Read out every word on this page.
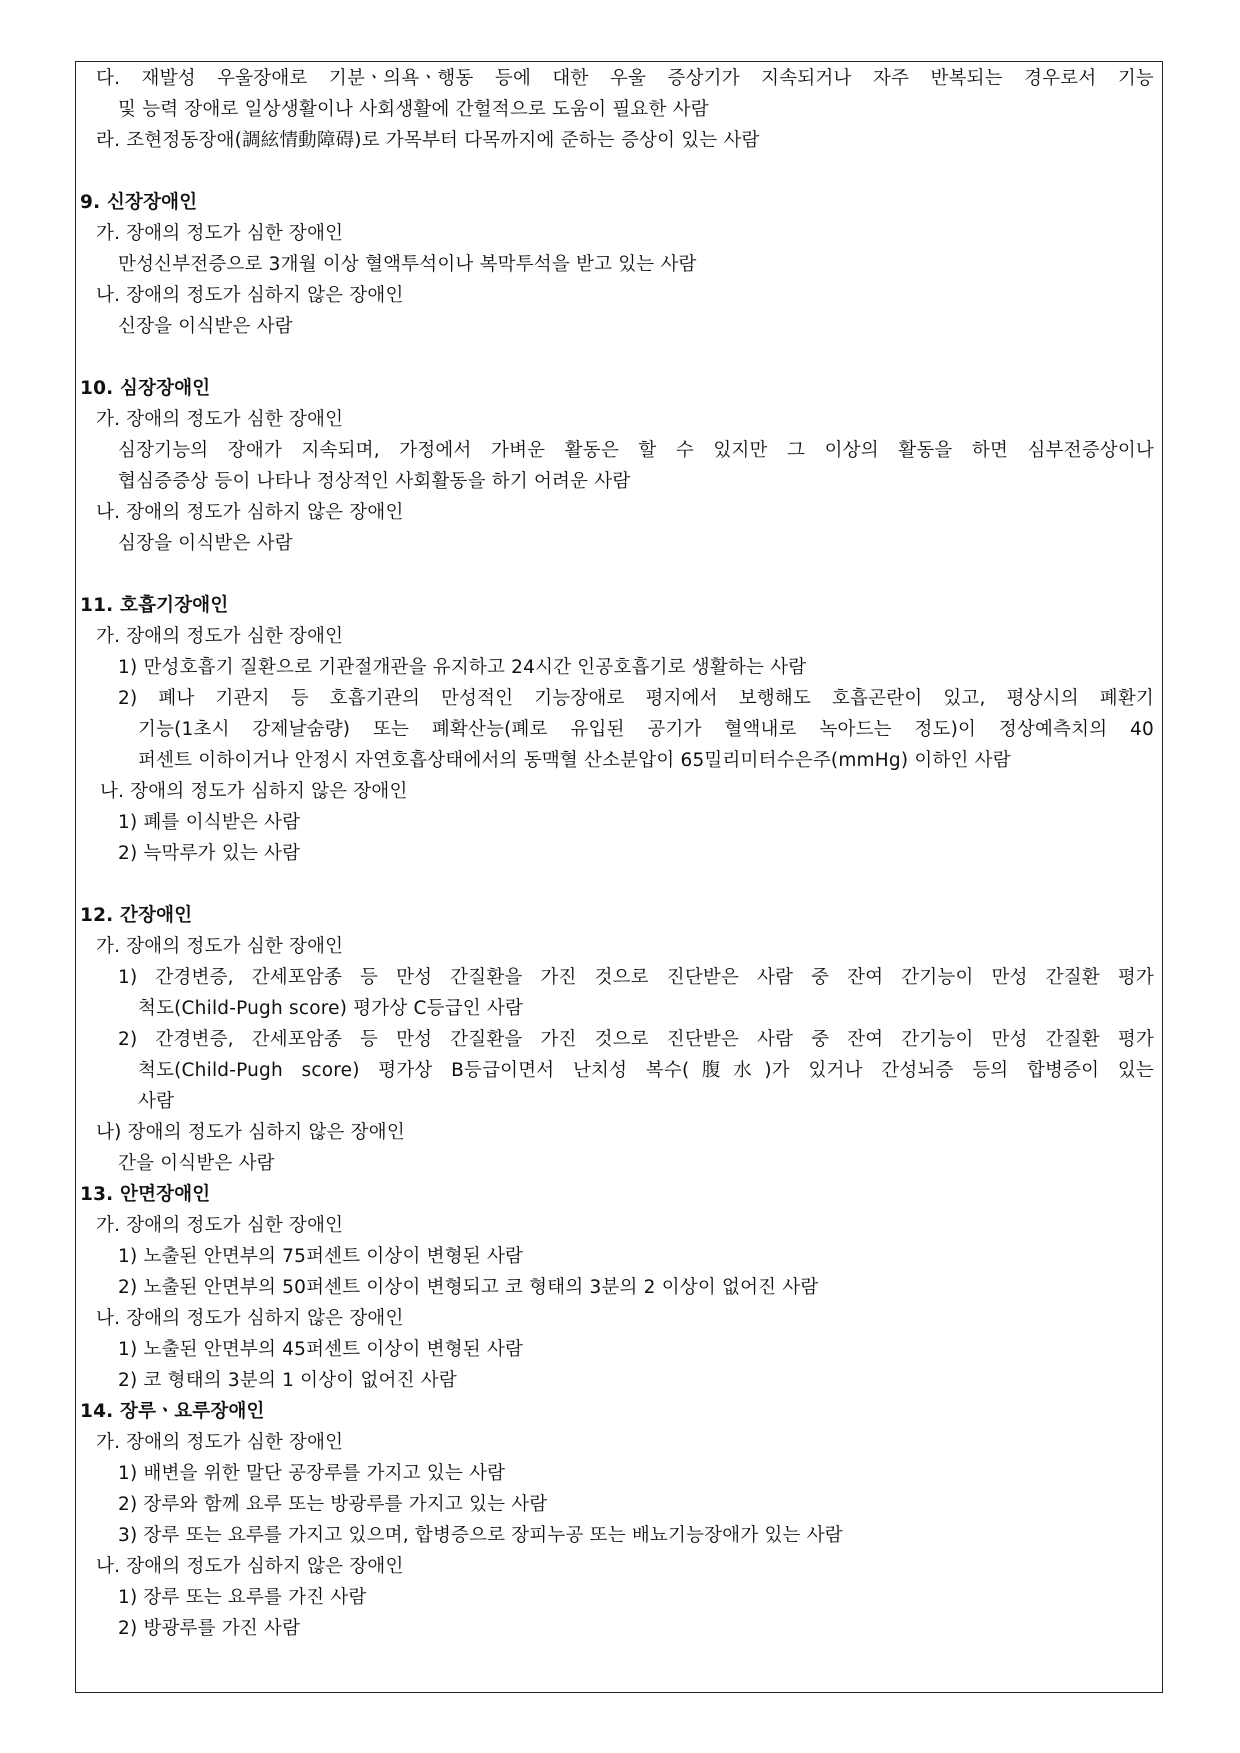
다. 재발성 우울장애로 기분ㆍ의욕ㆍ행동 등에 대한 우울 증상기가 지속되거나 자주 반복되는 경우로서 기능
및 능력 장애로 일상생활이나 사회생활에 간헐적으로 도움이 필요한 사람
라. 조현정동장애(調絃情動障碍)로 가목부터 다목까지에 준하는 증상이 있는 사람
9. 신장장애인
가. 장애의 정도가 심한 장애인
만성신부전증으로 3개월 이상 혈액투석이나 복막투석을 받고 있는 사람
나. 장애의 정도가 심하지 않은 장애인
신장을 이식받은 사람
10. 심장장애인
가. 장애의 정도가 심한 장애인
심장기능의 장애가 지속되며, 가정에서 가벼운 활동은 할 수 있지만 그 이상의 활동을 하면 심부전증상이나
협심증증상 등이 나타나 정상적인 사회활동을 하기 어려운 사람
나. 장애의 정도가 심하지 않은 장애인
심장을 이식받은 사람
11. 호흡기장애인
가. 장애의 정도가 심한 장애인
1) 만성호흡기 질환으로 기관절개관을 유지하고 24시간 인공호흡기로 생활하는 사람
2) 폐나 기관지 등 호흡기관의 만성적인 기능장애로 평지에서 보행해도 호흡곤란이 있고, 평상시의 폐환기
기능(1초시 강제날숨량) 또는 폐확산능(폐로 유입된 공기가 혈액내로 녹아드는 정도)이 정상예측치의 40
퍼센트 이하이거나 안정시 자연호흡상태에서의 동맥혈 산소분압이 65밀리미터수은주(mmHg) 이하인 사람
나. 장애의 정도가 심하지 않은 장애인
1) 폐를 이식받은 사람
2) 늑막루가 있는 사람
12. 간장애인
가. 장애의 정도가 심한 장애인
1) 간경변증, 간세포암종 등 만성 간질환을 가진 것으로 진단받은 사람 중 잔여 간기능이 만성 간질환 평가
척도(Child-Pugh score) 평가상 C등급인 사람
2) 간경변증, 간세포암종 등 만성 간질환을 가진 것으로 진단받은 사람 중 잔여 간기능이 만성 간질환 평가
척도(Child-Pugh score) 평가상 B등급이면서 난치성 복수(腹水)가 있거나 간성뇌증 등의 합병증이 있는
사람
나) 장애의 정도가 심하지 않은 장애인
간을 이식받은 사람
13. 안면장애인
가. 장애의 정도가 심한 장애인
1) 노출된 안면부의 75퍼센트 이상이 변형된 사람
2) 노출된 안면부의 50퍼센트 이상이 변형되고 코 형태의 3분의 2 이상이 없어진 사람
나. 장애의 정도가 심하지 않은 장애인
1) 노출된 안면부의 45퍼센트 이상이 변형된 사람
2) 코 형태의 3분의 1 이상이 없어진 사람
14. 장루ㆍ요루장애인
가. 장애의 정도가 심한 장애인
1) 배변을 위한 말단 공장루를 가지고 있는 사람
2) 장루와 함께 요루 또는 방광루를 가지고 있는 사람
3) 장루 또는 요루를 가지고 있으며, 합병증으로 장피누공 또는 배뇨기능장애가 있는 사람
나. 장애의 정도가 심하지 않은 장애인
1) 장루 또는 요루를 가진 사람
2) 방광루를 가진 사람
